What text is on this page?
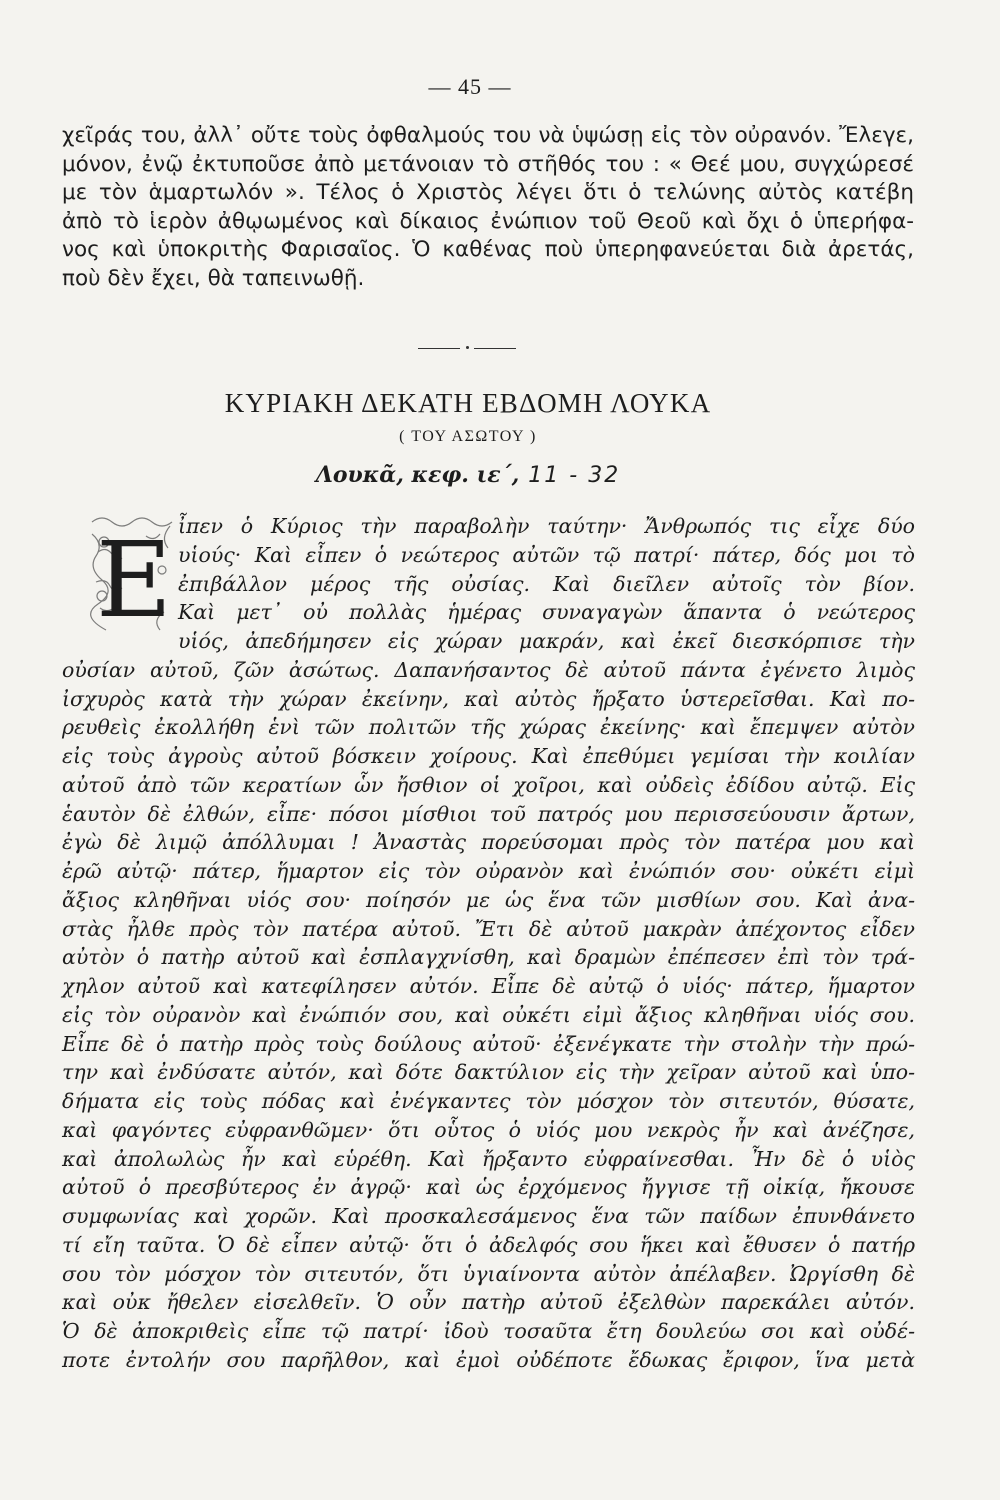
— 45 —
χεῖράς του, ἀλλ᾽ οὔτε τοὺς ὀφθαλμούς του νὰ ὑψώσῃ εἰς τὸν οὐρανόν. Ἔλεγε,
μόνον, ἐνῷ ἐκτυποῦσε ἀπὸ μετάνοιαν τὸ στῆθός του : « Θεέ μου, συγχώρεσέ
με τὸν ἁμαρτωλόν ». Τέλος ὁ Χριστὸς λέγει ὅτι ὁ τελώνης αὐτὸς κατέβη
ἀπὸ τὸ ἱερὸν ἀθῳωμένος καὶ δίκαιος ἐνώπιον τοῦ Θεοῦ καὶ ὄχι ὁ ὑπερήφα-
νος καὶ ὑποκριτὴς Φαρισαῖος. Ὁ καθένας ποὺ ὑπερηφανεύεται διὰ ἀρετάς,
ποὺ δὲν ἔχει, θὰ ταπεινωθῇ.
ΚΥΡΙΑΚΗ ΔΕΚΑΤΗ ΕΒΔΟΜΗ ΛΟΥΚΑ
( ΤΟΥ ΑΣΩΤΟΥ )
Λουκᾶ, κεφ. ιε΄, 11 - 32
Ε ἶπεν ὁ Κύριος τὴν παραβολὴν ταύτην· Ἄνθρωπός τις εἶχε δύο
υἱούς· Καὶ εἶπεν ὁ νεώτερος αὐτῶν τῷ πατρί· πάτερ, δός μοι τὸ
ἐπιβάλλον μέρος τῆς οὐσίας. Καὶ διεῖλεν αὐτοῖς τὸν βίον.
Καὶ μετ᾽ οὐ πολλὰς ἡμέρας συναγαγὼν ἅπαντα ὁ νεώτερος
υἱός, ἀπεδήμησεν εἰς χώραν μακράν, καὶ ἐκεῖ διεσκόρπισε τὴν
οὐσίαν αὐτοῦ, ζῶν ἀσώτως. Δαπανήσαντος δὲ αὐτοῦ πάντα ἐγένετο λιμὸς
ἰσχυρὸς κατὰ τὴν χώραν ἐκείνην, καὶ αὐτὸς ἤρξατο ὑστερεῖσθαι. Καὶ πο-
ρευθεὶς ἐκολλήθη ἑνὶ τῶν πολιτῶν τῆς χώρας ἐκείνης· καὶ ἔπεμψεν αὐτὸν
εἰς τοὺς ἀγροὺς αὐτοῦ βόσκειν χοίρους. Καὶ ἐπεθύμει γεμίσαι τὴν κοιλίαν
αὐτοῦ ἀπὸ τῶν κερατίων ὧν ἤσθιον οἱ χοῖροι, καὶ οὐδεὶς ἐδίδου αὐτῷ. Εἰς
ἑαυτὸν δὲ ἐλθών, εἶπε· πόσοι μίσθιοι τοῦ πατρός μου περισσεύουσιν ἄρτων,
ἐγὼ δὲ λιμῷ ἀπόλλυμαι ! Ἀναστὰς πορεύσομαι πρὸς τὸν πατέρα μου καὶ
ἐρῶ αὐτῷ· πάτερ, ἥμαρτον εἰς τὸν οὐρανὸν καὶ ἐνώπιόν σου· οὐκέτι εἰμὶ
ἄξιος κληθῆναι υἱός σου· ποίησόν με ὡς ἕνα τῶν μισθίων σου. Καὶ ἀνα-
στὰς ἦλθε πρὸς τὸν πατέρα αὐτοῦ. Ἔτι δὲ αὐτοῦ μακρὰν ἀπέχοντος εἶδεν
αὐτὸν ὁ πατὴρ αὐτοῦ καὶ ἐσπλαγχνίσθη, καὶ δραμὼν ἐπέπεσεν ἐπὶ τὸν τρά-
χηλον αὐτοῦ καὶ κατεφίλησεν αὐτόν. Εἶπε δὲ αὐτῷ ὁ υἱός· πάτερ, ἥμαρτον
εἰς τὸν οὐρανὸν καὶ ἐνώπιόν σου, καὶ οὐκέτι εἰμὶ ἄξιος κληθῆναι υἱός σου.
Εἶπε δὲ ὁ πατὴρ πρὸς τοὺς δούλους αὐτοῦ· ἐξενέγκατε τὴν στολὴν τὴν πρώ-
την καὶ ἐνδύσατε αὐτόν, καὶ δότε δακτύλιον εἰς τὴν χεῖραν αὐτοῦ καὶ ὑπο-
δήματα εἰς τοὺς πόδας καὶ ἐνέγκαντες τὸν μόσχον τὸν σιτευτόν, θύσατε,
καὶ φαγόντες εὐφρανθῶμεν· ὅτι οὗτος ὁ υἱός μου νεκρὸς ἦν καὶ ἀνέζησε,
καὶ ἀπολωλὼς ἦν καὶ εὑρέθη. Καὶ ἤρξαντο εὐφραίνεσθαι. Ἦν δὲ ὁ υἱὸς
αὐτοῦ ὁ πρεσβύτερος ἐν ἀγρῷ· καὶ ὡς ἐρχόμενος ἤγγισε τῇ οἰκίᾳ, ἤκουσε
συμφωνίας καὶ χορῶν. Καὶ προσκαλεσάμενος ἕνα τῶν παίδων ἐπυνθάνετο
τί εἴη ταῦτα. Ὁ δὲ εἶπεν αὐτῷ· ὅτι ὁ ἀδελφός σου ἥκει καὶ ἔθυσεν ὁ πατήρ
σου τὸν μόσχον τὸν σιτευτόν, ὅτι ὑγιαίνοντα αὐτὸν ἀπέλαβεν. Ὠργίσθη δὲ
καὶ οὐκ ἤθελεν εἰσελθεῖν. Ὁ οὖν πατὴρ αὐτοῦ ἐξελθὼν παρεκάλει αὐτόν.
Ὁ δὲ ἀποκριθεὶς εἶπε τῷ πατρί· ἰδοὺ τοσαῦτα ἔτη δουλεύω σοι καὶ οὐδέ-
ποτε ἐντολήν σου παρῆλθον, καὶ ἐμοὶ οὐδέποτε ἔδωκας ἔριφον, ἵνα μετὰ
